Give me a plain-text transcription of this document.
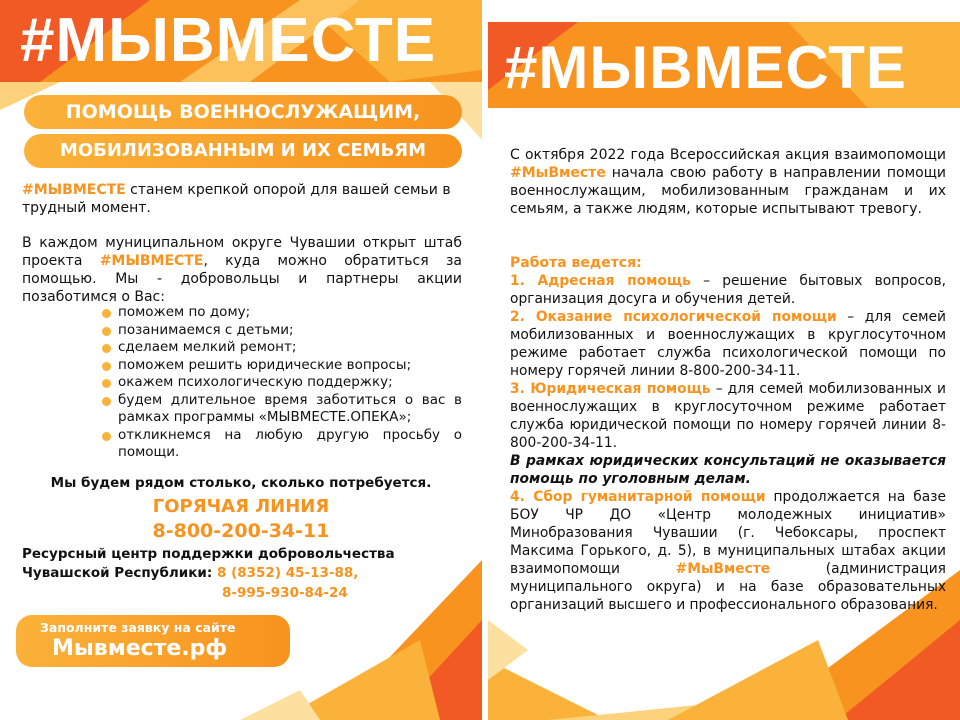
#МЫВМЕСТЕ
ПОМОЩЬ ВОЕННОСЛУЖАЩИМ,
МОБИЛИЗОВАННЫМ И ИХ СЕМЬЯМ
#МЫВМЕСТЕ станем крепкой опорой для вашей семьи в трудный момент.
В каждом муниципальном округе Чувашии открыт штаб проекта #МЫВМЕСТЕ, куда можно обратиться за помощью. Мы - добровольцы и партнеры акции позаботимся о Вас:
поможем по дому;
позанимаемся с детьми;
сделаем мелкий ремонт;
поможем решить юридические вопросы;
окажем психологическую поддержку;
будем длительное время заботиться о вас в рамках программы «МЫВМЕСТЕ.ОПЕКА»;
откликнемся на любую другую просьбу о помощи.
Мы будем рядом столько, сколько потребуется.
ГОРЯЧАЯ ЛИНИЯ
8-800-200-34-11
Ресурсный центр поддержки добровольчества
Чувашской Республики: 8 (8352) 45-13-88,
8-995-930-84-24
Заполните заявку на сайте
Мывместе.рф
#МЫВМЕСТЕ
С октября 2022 года Всероссийская акция взаимопомощи #МыВместе начала свою работу в направлении помощи военнослужащим, мобилизованным гражданам и их семьям, а также людям, которые испытывают тревогу.
Работа ведется:
1. Адресная помощь – решение бытовых вопросов, организация досуга и обучения детей.
2. Оказание психологической помощи – для семей мобилизованных и военнослужащих в круглосуточном режиме работает служба психологической помощи по номеру горячей линии 8-800-200-34-11.
3. Юридическая помощь – для семей мобилизованных и военнослужащих в круглосуточном режиме работает служба юридической помощи по номеру горячей линии 8-800-200-34-11.
В рамках юридических консультаций не оказывается помощь по уголовным делам.
4. Сбор гуманитарной помощи продолжается на базе БОУ ЧР ДО «Центр молодежных инициатив» Минобразования Чувашии (г. Чебоксары, проспект Максима Горького, д. 5), в муниципальных штабах акции взаимопомощи #МыВместе (администрация муниципального округа) и на базе образовательных организаций высшего и профессионального образования.
